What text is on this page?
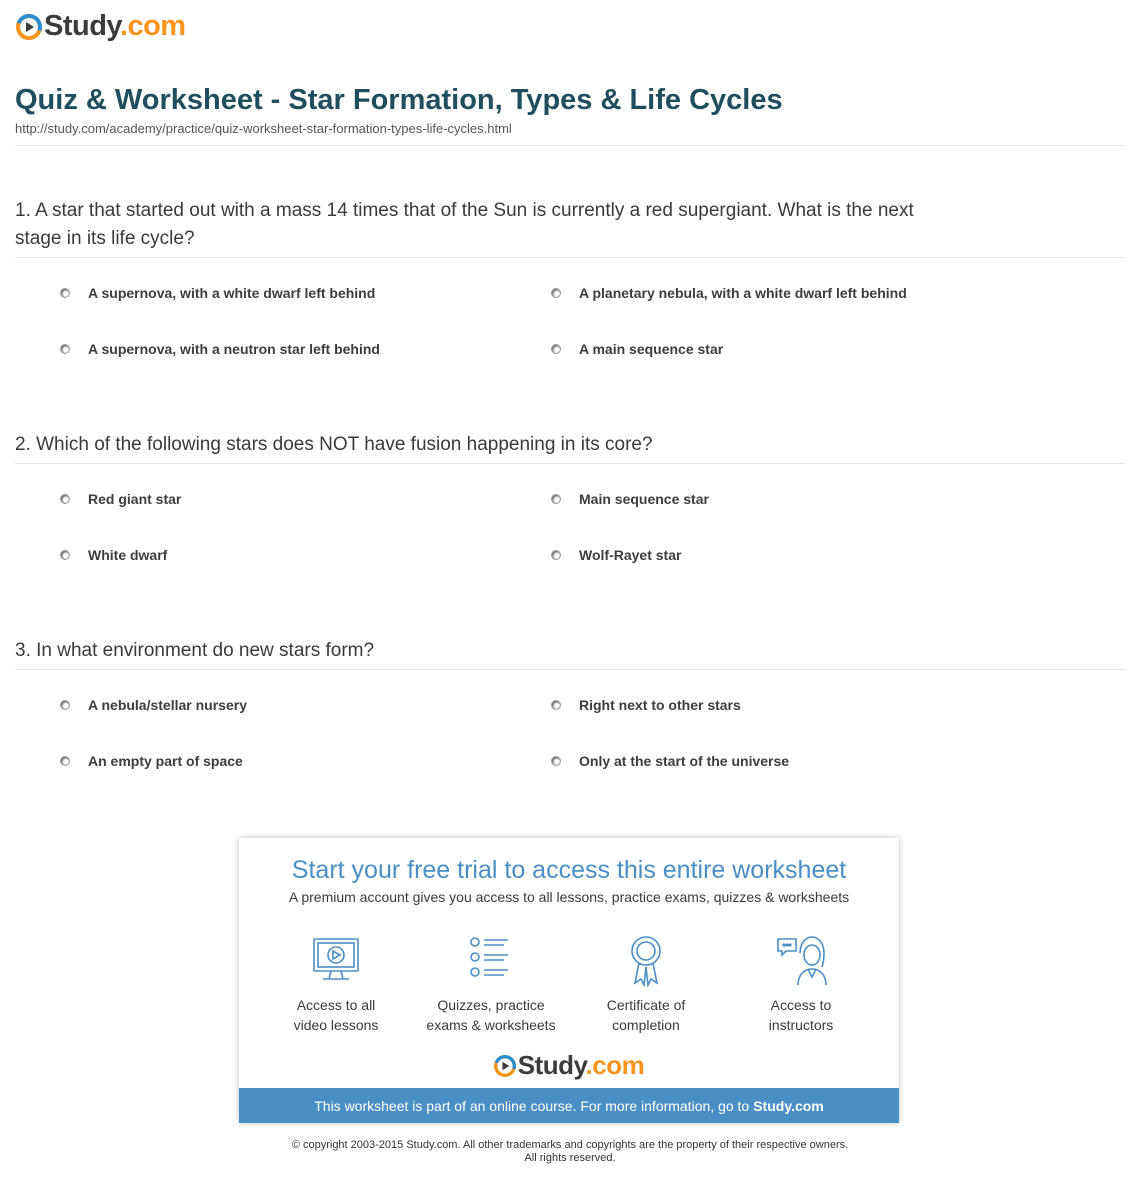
Study.com
Quiz & Worksheet - Star Formation, Types & Life Cycles
http://study.com/academy/practice/quiz-worksheet-star-formation-types-life-cycles.html
1. A star that started out with a mass 14 times that of the Sun is currently a red supergiant. What is the next stage in its life cycle?
A supernova, with a white dwarf left behind	A planetary nebula, with a white dwarf left behind
A supernova, with a neutron star left behind	A main sequence star
2. Which of the following stars does NOT have fusion happening in its core?
Red giant star	Main sequence star
White dwarf	Wolf-Rayet star
3. In what environment do new stars form?
A nebula/stellar nursery	Right next to other stars
An empty part of space	Only at the start of the universe
Start your free trial to access this entire worksheet
A premium account gives you access to all lessons, practice exams, quizzes & worksheets
Access to all
video lessons
Quizzes, practice
exams & worksheets
Certificate of
completion
Access to
instructors
Study.com
This worksheet is part of an online course. For more information, go to Study.com
© copyright 2003-2015 Study.com. All other trademarks and copyrights are the property of their respective owners.
All rights reserved.
